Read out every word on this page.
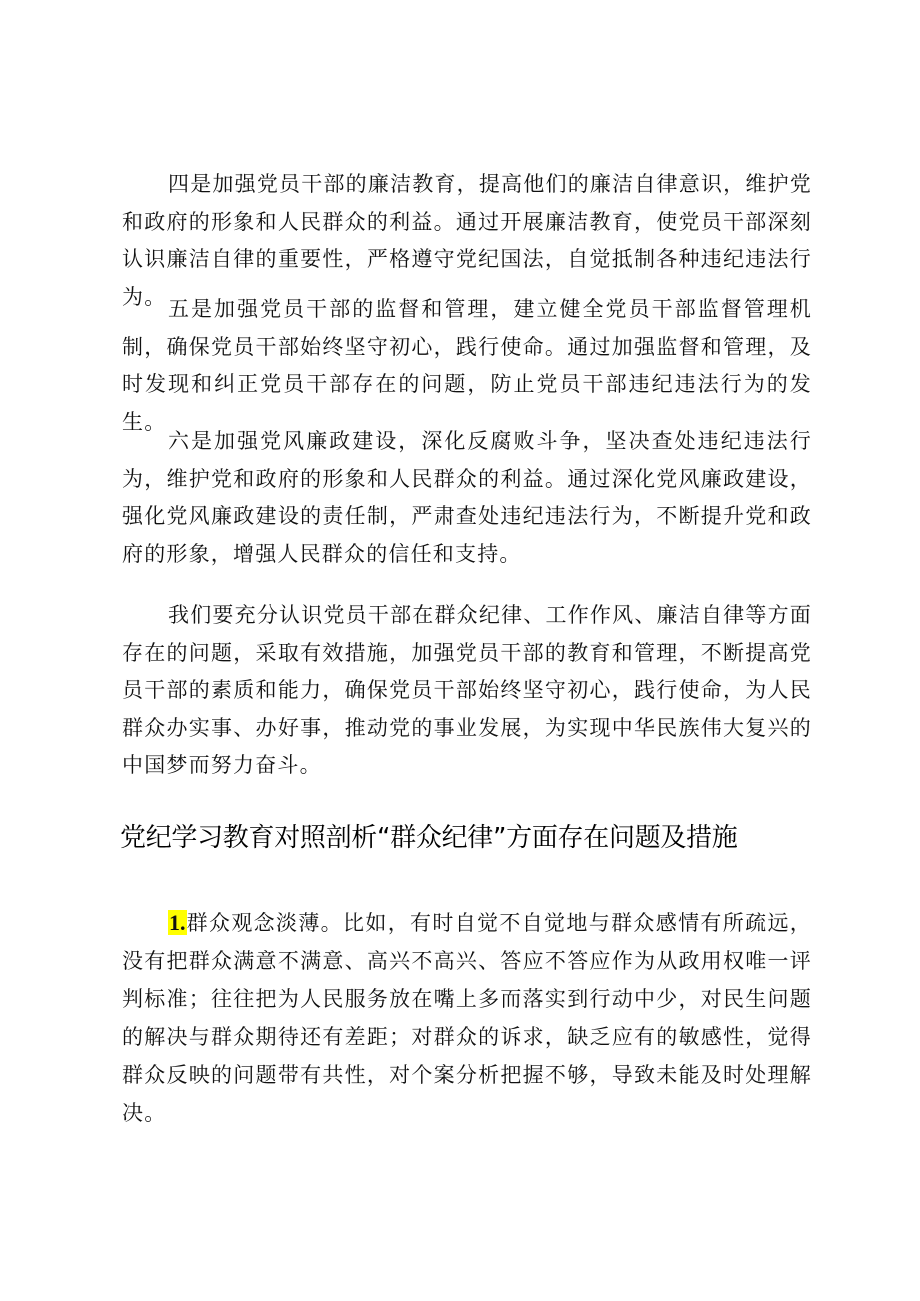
四是加强党员干部的廉洁教育，提高他们的廉洁自律意识，维护党和政府的形象和人民群众的利益。通过开展廉洁教育，使党员干部深刻认识廉洁自律的重要性，严格遵守党纪国法，自觉抵制各种违纪违法行为。

五是加强党员干部的监督和管理，建立健全党员干部监督管理机制，确保党员干部始终坚守初心，践行使命。通过加强监督和管理，及时发现和纠正党员干部存在的问题，防止党员干部违纪违法行为的发生。

六是加强党风廉政建设，深化反腐败斗争，坚决查处违纪违法行为，维护党和政府的形象和人民群众的利益。通过深化党风廉政建设，强化党风廉政建设的责任制，严肃查处违纪违法行为，不断提升党和政府的形象，增强人民群众的信任和支持。

我们要充分认识党员干部在群众纪律、工作作风、廉洁自律等方面存在的问题，采取有效措施，加强党员干部的教育和管理，不断提高党员干部的素质和能力，确保党员干部始终坚守初心，践行使命，为人民群众办实事、办好事，推动党的事业发展，为实现中华民族伟大复兴的中国梦而努力奋斗。

党纪学习教育对照剖析“群众纪律”方面存在问题及措施

1.群众观念淡薄。比如，有时自觉不自觉地与群众感情有所疏远，没有把群众满意不满意、高兴不高兴、答应不答应作为从政用权唯一评判标准；往往把为人民服务放在嘴上多而落实到行动中少，对民生问题的解决与群众期待还有差距；对群众的诉求，缺乏应有的敏感性，觉得群众反映的问题带有共性，对个案分析把握不够，导致未能及时处理解决。
